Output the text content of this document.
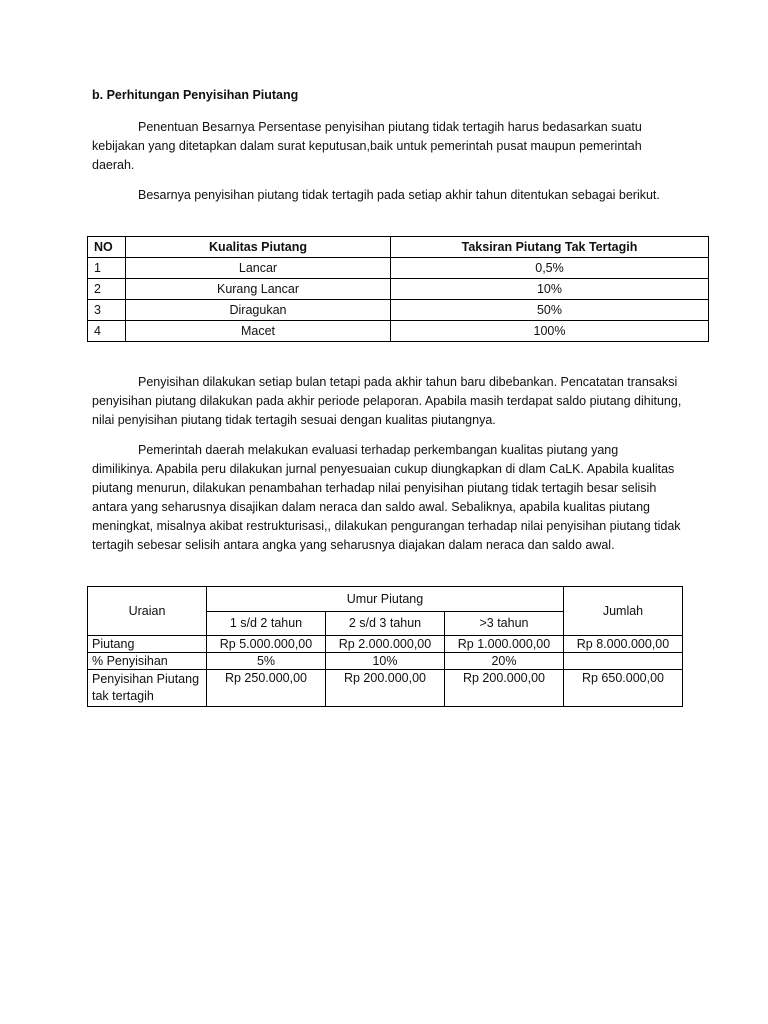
b. Perhitungan Penyisihan Piutang

Penentuan Besarnya Persentase penyisihan piutang tidak tertagih harus bedasarkan suatu kebijakan yang ditetapkan dalam surat keputusan,baik untuk pemerintah pusat maupun pemerintah daerah.

Besarnya penyisihan piutang tidak tertagih pada setiap akhir tahun ditentukan sebagai berikut.

NO	Kualitas Piutang	Taksiran Piutang Tak Tertagih
1	Lancar	0,5%
2	Kurang Lancar	10%
3	Diragukan	50%
4	Macet	100%

Penyisihan dilakukan setiap bulan tetapi pada akhir tahun baru dibebankan. Pencatatan transaksi penyisihan piutang dilakukan pada akhir periode pelaporan. Apabila masih terdapat saldo piutang dihitung, nilai penyisihan piutang tidak tertagih sesuai dengan kualitas piutangnya.

Pemerintah daerah melakukan evaluasi terhadap perkembangan kualitas piutang yang dimilikinya. Apabila peru dilakukan jurnal penyesuaian cukup diungkapkan di dlam CaLK. Apabila kualitas piutang menurun, dilakukan penambahan terhadap nilai penyisihan piutang tidak tertagih besar selisih antara yang seharusnya disajikan dalam neraca dan saldo awal. Sebaliknya, apabila kualitas piutang meningkat, misalnya akibat restrukturisasi,, dilakukan pengurangan terhadap nilai penyisihan piutang tidak tertagih sebesar selisih antara angka yang seharusnya diajakan dalam neraca dan saldo awal.

Uraian	Umur Piutang			Jumlah
	1 s/d 2 tahun	2 s/d 3 tahun	>3 tahun	
Piutang	Rp 5.000.000,00	Rp 2.000.000,00	Rp 1.000.000,00	Rp 8.000.000,00
% Penyisihan	5%	10%	20%	
Penyisihan Piutang tak tertagih	Rp 250.000,00	Rp 200.000,00	Rp 200.000,00	Rp 650.000,00
